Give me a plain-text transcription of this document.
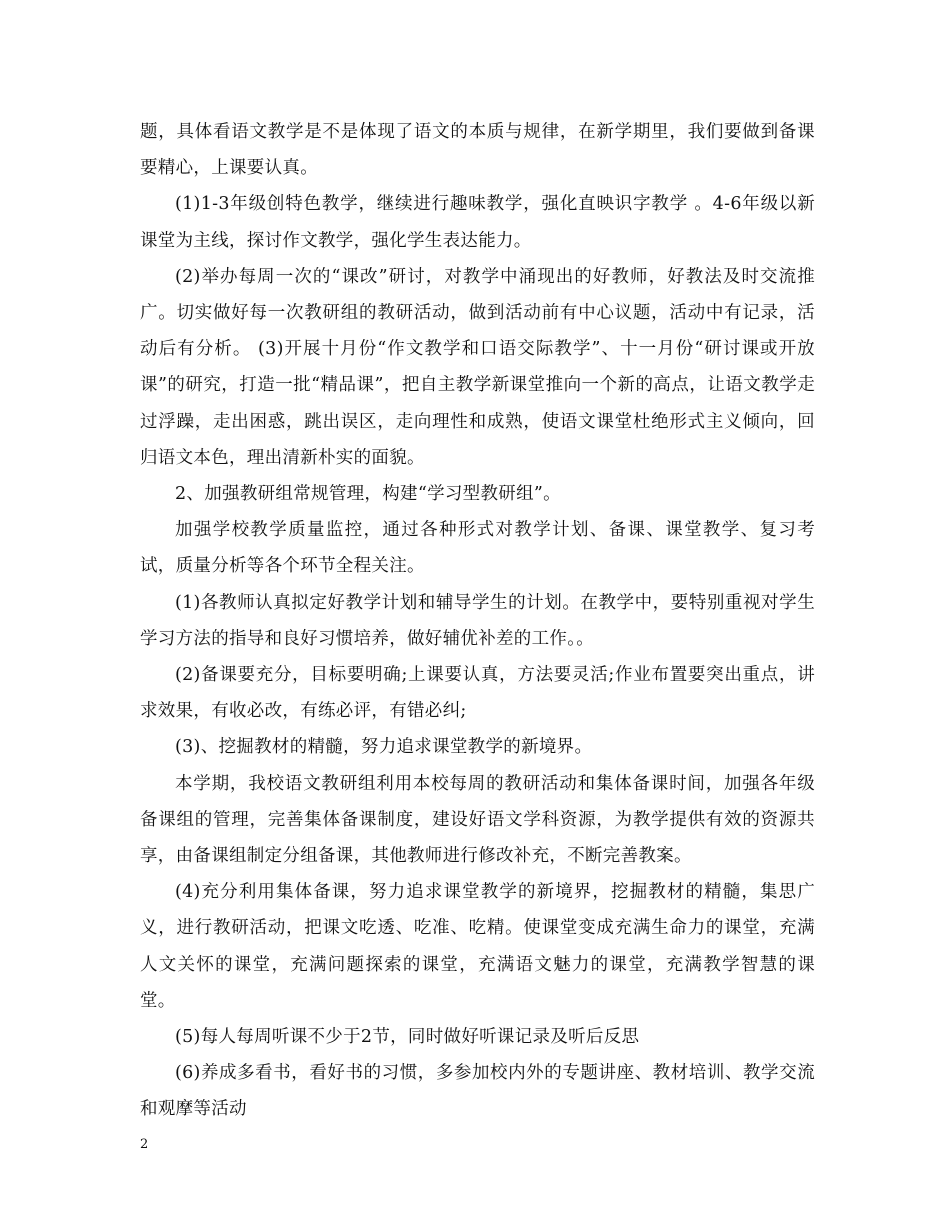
题，具体看语文教学是不是体现了语文的本质与规律，在新学期里，我们要做到备课要精心，上课要认真。

(1)1-3年级创特色教学，继续进行趣味教学，强化直映识字教学 。4-6年级以新课堂为主线，探讨作文教学，强化学生表达能力。

(2)举办每周一次的“课改”研讨，对教学中涌现出的好教师，好教法及时交流推广。切实做好每一次教研组的教研活动，做到活动前有中心议题，活动中有记录，活动后有分析。 (3)开展十月份“作文教学和口语交际教学”、十一月份“研讨课或开放课”的研究，打造一批“精品课”，把自主教学新课堂推向一个新的高点，让语文教学走过浮躁，走出困惑，跳出误区，走向理性和成熟，使语文课堂杜绝形式主义倾向，回归语文本色，理出清新朴实的面貌。

2、加强教研组常规管理，构建“学习型教研组”。

加强学校教学质量监控，通过各种形式对教学计划、备课、课堂教学、复习考试，质量分析等各个环节全程关注。

(1)各教师认真拟定好教学计划和辅导学生的计划。在教学中，要特别重视对学生学习方法的指导和良好习惯培养，做好辅优补差的工作。。

(2)备课要充分，目标要明确;上课要认真，方法要灵活;作业布置要突出重点，讲求效果，有收必改，有练必评，有错必纠;

(3)、挖掘教材的精髓，努力追求课堂教学的新境界。

本学期，我校语文教研组利用本校每周的教研活动和集体备课时间，加强各年级备课组的管理，完善集体备课制度，建设好语文学科资源，为教学提供有效的资源共享，由备课组制定分组备课，其他教师进行修改补充，不断完善教案。

(4)充分利用集体备课，努力追求课堂教学的新境界，挖掘教材的精髓，集思广义，进行教研活动，把课文吃透、吃准、吃精。使课堂变成充满生命力的课堂，充满人文关怀的课堂，充满问题探索的课堂，充满语文魅力的课堂，充满教学智慧的课堂。

(5)每人每周听课不少于2节，同时做好听课记录及听后反思

(6)养成多看书，看好书的习惯，多参加校内外的专题讲座、教材培训、教学交流和观摩等活动

2
